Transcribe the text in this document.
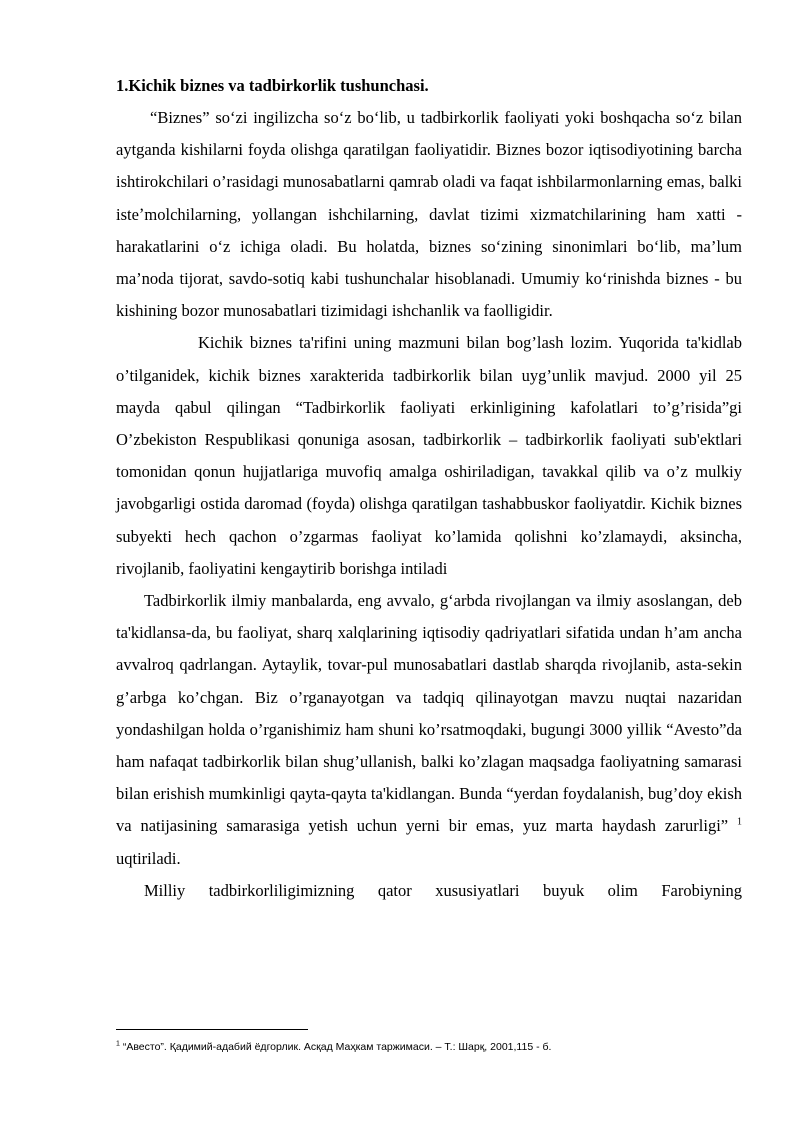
1.Kichik biznes va tadbirkorlik tushunchasi.

“Biznes” so‘zi ingilizcha so‘z bo‘lib, u tadbirkorlik faoliyati yoki boshqacha so‘z bilan aytganda kishilarni foyda olishga qaratilgan faoliyatidir. Biznes bozor iqtisodiyotining barcha ishtirokchilari o’rasidagi munosabatlarni qamrab oladi va faqat ishbilarmonlarning emas, balki isteʼmolchilarning, yollangan ishchilarning, davlat tizimi xizmatchilarining ham xatti - harakatlarini o‘z ichiga oladi. Bu holatda, biznes so‘zining sinonimlari bo‘lib, ma’lum ma’noda tijorat, savdo-sotiq kabi tushunchalar hisoblanadi. Umumiy ko‘rinishda biznes - bu kishining bozor munosabatlari tizimidagi ishchanlik va faolligidir.

Kichik biznes ta'rifini uning mazmuni bilan bog’lash lozim. Yuqorida ta'kidlab o’tilganidek, kichik biznes xarakterida tadbirkorlik bilan uyg’unlik mavjud. 2000 yil 25 mayda qabul qilingan “Tadbirkorlik faoliyati erkinligining kafolatlari to’g’risida”gi O’zbekiston Respublikasi qonuniga asosan, tadbirkorlik – tadbirkorlik faoliyati sub'ektlari tomonidan qonun hujjatlariga muvofiq amalga oshiriladigan, tavakkal qilib va o’z mulkiy javobgarligi ostida daromad (foyda) olishga qaratilgan tashabbuskor faoliyatdir. Kichik biznes subyekti hech qachon o’zgarmas faoliyat ko’lamida qolishni ko’zlamaydi, aksincha, rivojlanib, faoliyatini kengaytirib borishga intiladi

Tadbirkorlik ilmiy manbalarda, eng avvalo, g‘arbda rivojlangan va ilmiy asoslangan, deb ta'kidlansa-da, bu faoliyat, sharq xalqlarining iqtisodiy qadriyatlari sifatida undan h’am ancha avvalroq qadrlangan. Aytaylik, tovar-pul munosabatlari dastlab sharqda rivojlanib, asta-sekin g’arbga ko’chgan. Biz o’rganayotgan va tadqiq qilinayotgan mavzu nuqtai nazaridan yondashilgan holda o’rganishimiz ham shuni ko’rsatmoqdaki, bugungi 3000 yillik “Avesto”da ham nafaqat tadbirkorlik bilan shug’ullanish, balki ko’zlagan maqsadga faoliyatning samarasi bilan erishish mumkinligi qayta-qayta ta'kidlangan. Bunda “yerdan foydalanish, bug’doy ekish va natijasining samarasiga yetish uchun yerni bir emas, yuz marta haydash zarurligi” $^1$ uqtiriladi.

Milliy tadbirkorliligimizning qator xususiyatlari buyuk olim Farobiyning

$^1$ “Авесто”. Қадимий-адабий ёдгорлик. Асқад Маҳкам таржимаси. – Т.: Шарқ, 2001,115 - б.
